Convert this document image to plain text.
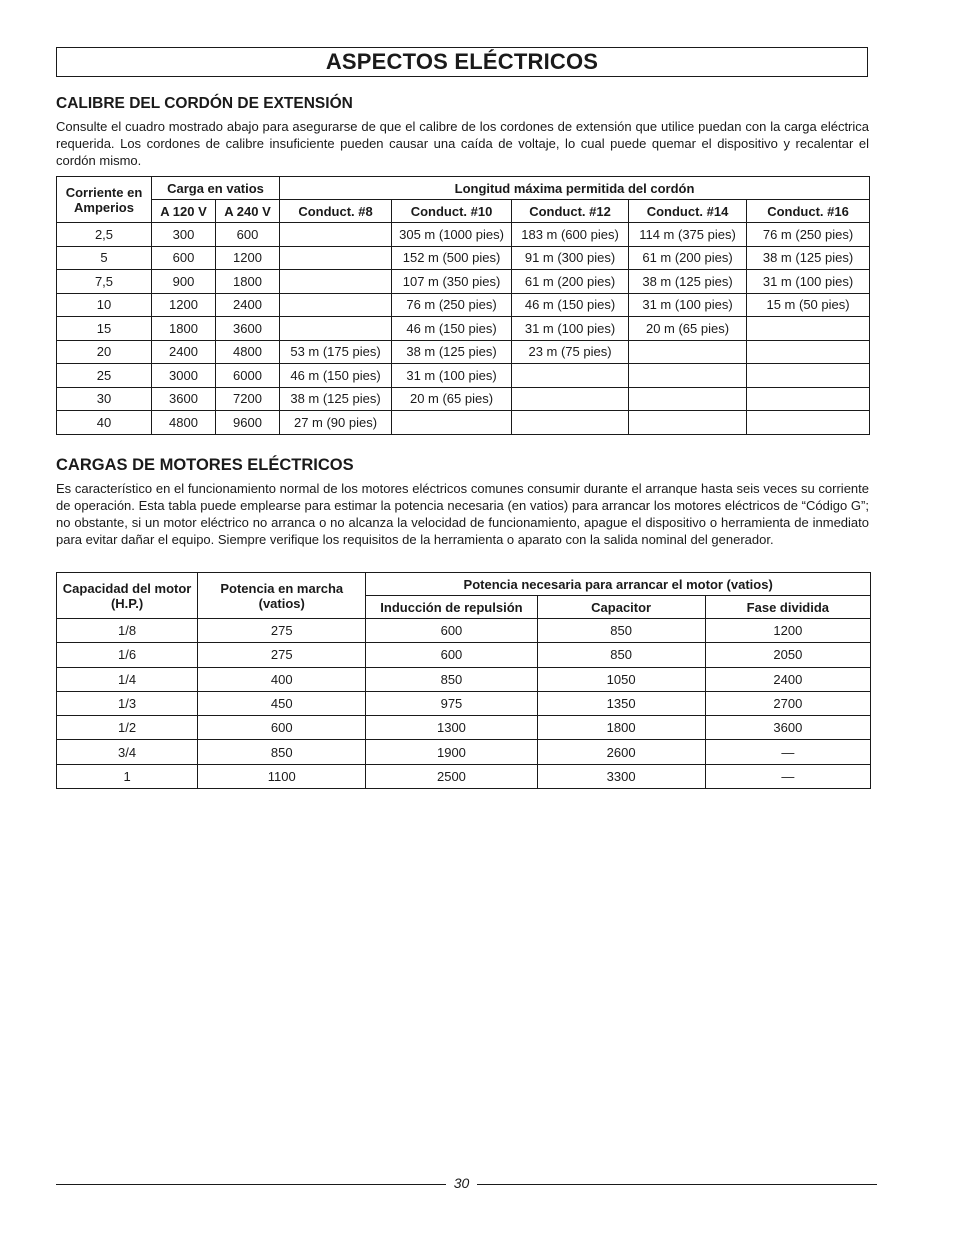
ASPECTOS ELÉCTRICOS
CALIBRE DEL CORDÓN DE EXTENSIÓN

Consulte el cuadro mostrado abajo para asegurarse de que el calibre de los cordones de extensión que utilice puedan con la carga eléctrica requerida. Los cordones de calibre insuficiente pueden causar una caída de voltaje, lo cual puede quemar el dispositivo y recalentar el cordón mismo.

Corriente en Amperios	Carga en vatios		Longitud máxima permitida del cordón				
	A 120 V	A 240 V	Conduct. #8	Conduct. #10	Conduct. #12	Conduct. #14	Conduct. #16
2,5	300	600		305 m (1000 pies)	183 m (600 pies)	114 m (375 pies)	76 m (250 pies)
5	600	1200		152 m (500 pies)	91 m (300 pies)	61 m (200 pies)	38 m (125 pies)
7,5	900	1800		107 m (350 pies)	61 m (200 pies)	38 m (125 pies)	31 m (100 pies)
10	1200	2400		76 m (250 pies)	46 m (150 pies)	31 m (100 pies)	15 m (50 pies)
15	1800	3600		46 m (150 pies)	31 m (100 pies)	20 m (65 pies)	
20	2400	4800	53 m (175 pies)	38 m (125 pies)	23 m (75 pies)		
25	3000	6000	46 m (150 pies)	31 m (100 pies)			
30	3600	7200	38 m (125 pies)	20 m (65 pies)			
40	4800	9600	27 m (90 pies)				
CARGAS DE MOTORES ELÉCTRICOS

Es característico en el funcionamiento normal de los motores eléctricos comunes consumir durante el arranque hasta seis veces su corriente de operación. Esta tabla puede emplearse para estimar la potencia necesaria (en vatios) para arrancar los motores eléctricos de “Código G”; no obstante, si un motor eléctrico no arranca o no alcanza la velocidad de funcionamiento, apague el dispositivo o herramienta de inmediato para evitar dañar el equipo. Siempre verifique los requisitos de la herramienta o aparato con la salida nominal del generador.

Capacidad del motor (H.P.)	Potencia en marcha (vatios)	Potencia necesaria para arrancar el motor (vatios)		
		Inducción de repulsión	Capacitor	Fase dividida
1/8	275	600	850	1200
1/6	275	600	850	2050
1/4	400	850	1050	2400
1/3	450	975	1350	2700
1/2	600	1300	1800	3600
3/4	850	1900	2600	—
1	1100	2500	3300	—
30
